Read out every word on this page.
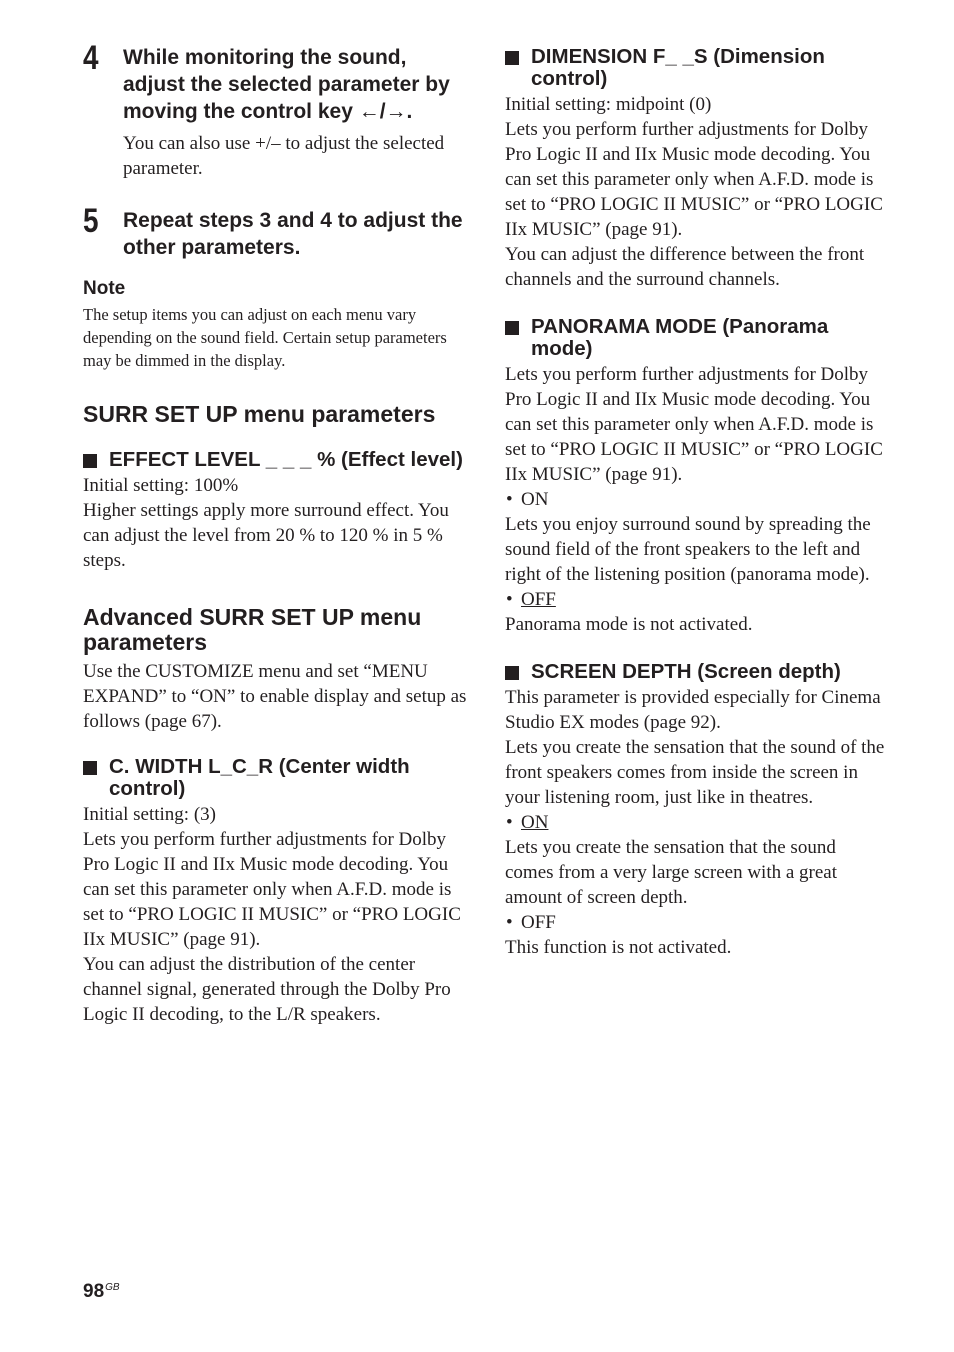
4 While monitoring the sound, adjust the selected parameter by moving the control key ←/→.

You can also use +/– to adjust the selected parameter.

5 Repeat steps 3 and 4 to adjust the other parameters.

Note

The setup items you can adjust on each menu vary depending on the sound field. Certain setup parameters may be dimmed in the display.

SURR SET UP menu parameters
EFFECT LEVEL _ _ _ % (Effect level)

Initial setting: 100%

Higher settings apply more surround effect. You can adjust the level from 20 % to 120 % in 5 % steps.

Advanced SURR SET UP menu parameters

Use the CUSTOMIZE menu and set “MENU EXPAND” to “ON” to enable display and setup as follows (page 67).

C. WIDTH L_C_R (Center width control)

Initial setting: (3)

Lets you perform further adjustments for Dolby Pro Logic II and IIx Music mode decoding. You can set this parameter only when A.F.D. mode is set to “PRO LOGIC II MUSIC” or “PRO LOGIC IIx MUSIC” (page 91).

You can adjust the distribution of the center channel signal, generated through the Dolby Pro Logic II decoding, to the L/R speakers.

DIMENSION F_ _S (Dimension control)

Initial setting: midpoint (0)

Lets you perform further adjustments for Dolby Pro Logic II and IIx Music mode decoding. You can set this parameter only when A.F.D. mode is set to “PRO LOGIC II MUSIC” or “PRO LOGIC IIx MUSIC” (page 91).

You can adjust the difference between the front channels and the surround channels.

PANORAMA MODE (Panorama mode)

Lets you perform further adjustments for Dolby Pro Logic II and IIx Music mode decoding. You can set this parameter only when A.F.D. mode is set to “PRO LOGIC II MUSIC” or “PRO LOGIC IIx MUSIC” (page 91).

• ON

Lets you enjoy surround sound by spreading the sound field of the front speakers to the left and right of the listening position (panorama mode).

• OFF

Panorama mode is not activated.

SCREEN DEPTH (Screen depth)

This parameter is provided especially for Cinema Studio EX modes (page 92).

Lets you create the sensation that the sound of the front speakers comes from inside the screen in your listening room, just like in theatres.

• ON

Lets you create the sensation that the sound comes from a very large screen with a great amount of screen depth.

• OFF

This function is not activated.

$98^{GB}$
